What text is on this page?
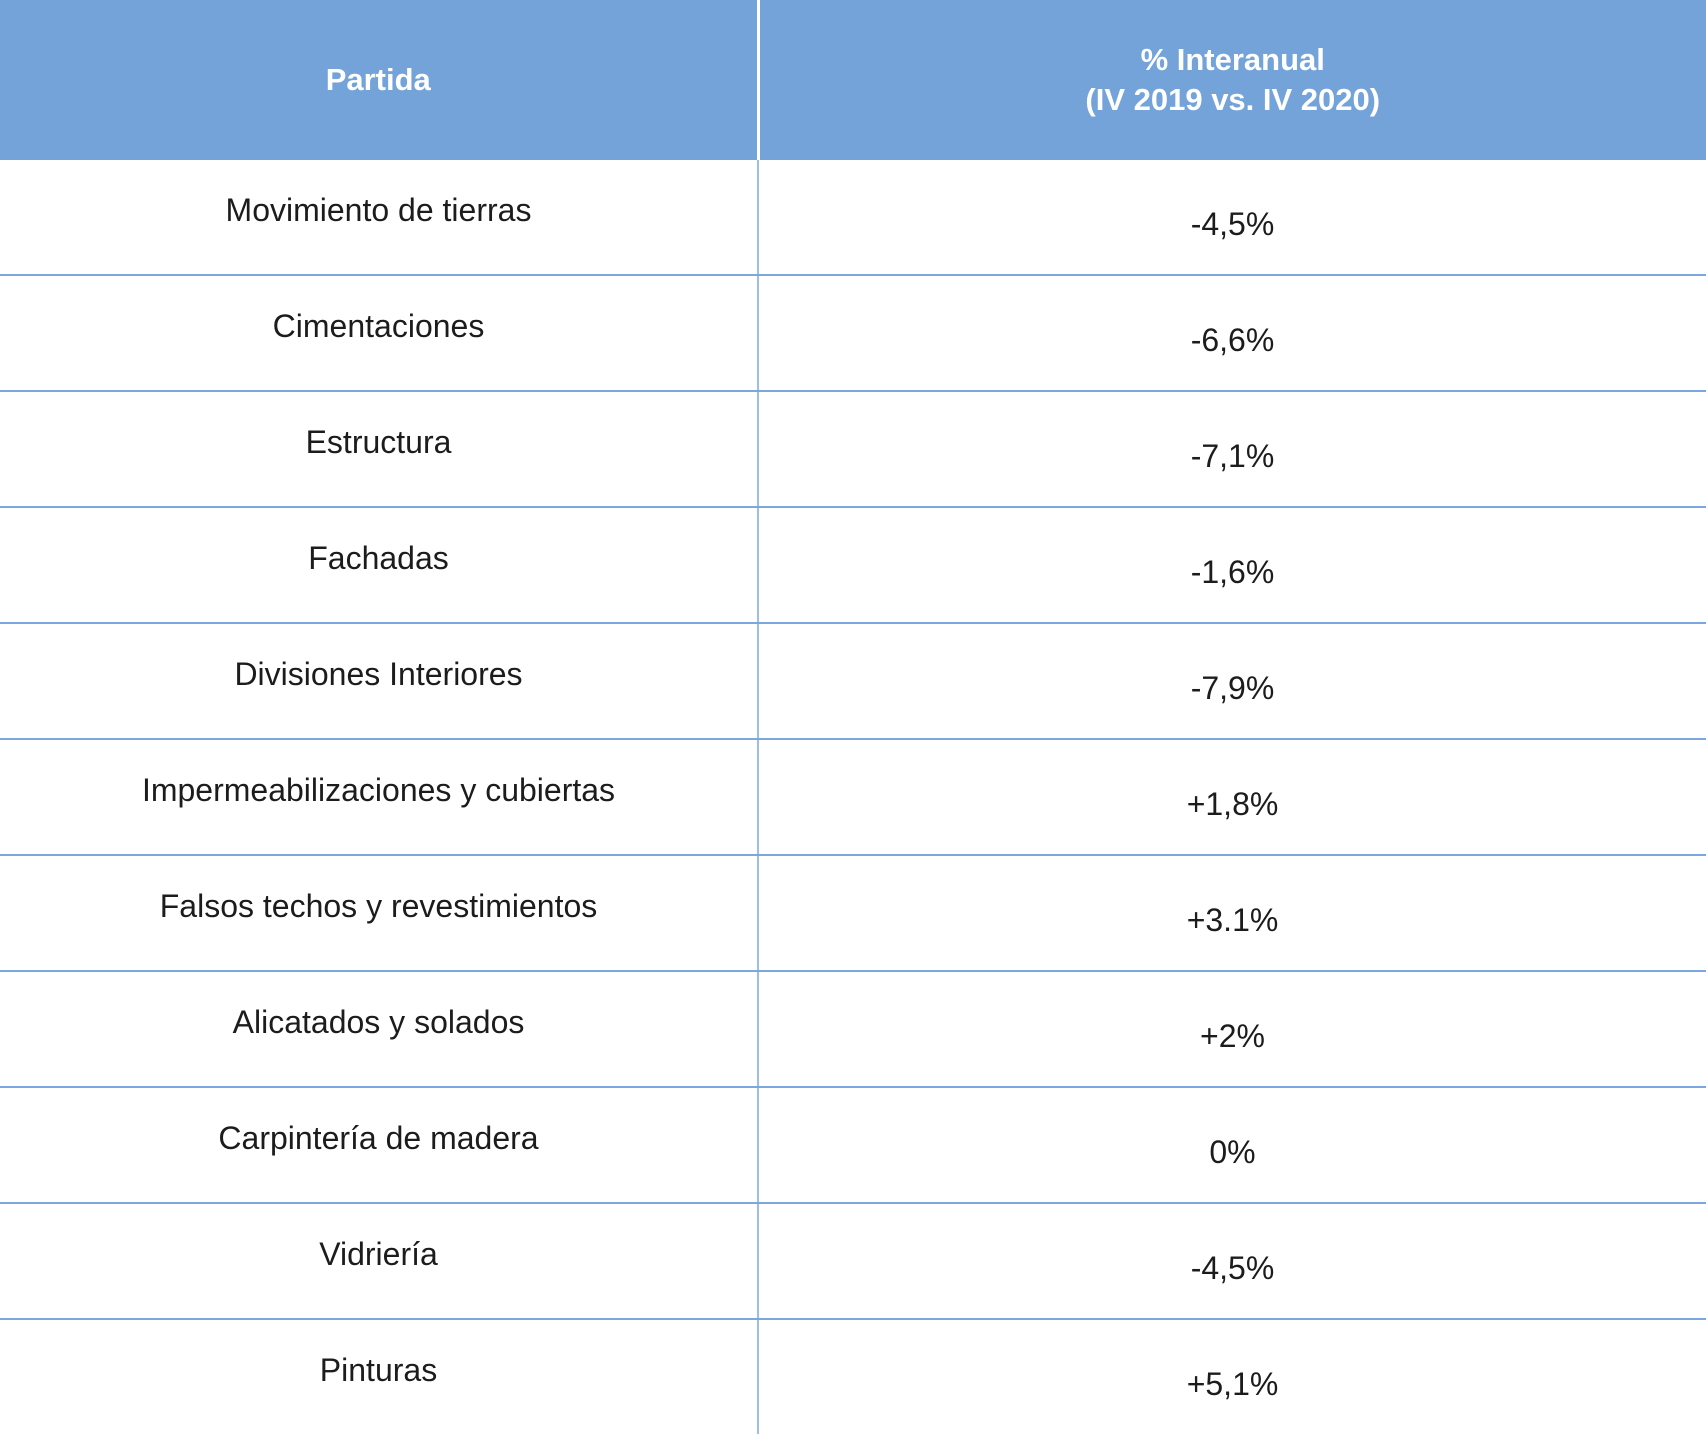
Partida	% Interanual
(IV 2019 vs. IV 2020)

Movimiento de tierras	-4,5%
Cimentaciones	-6,6%
Estructura	-7,1%
Fachadas	-1,6%
Divisiones Interiores	-7,9%
Impermeabilizaciones y cubiertas	+1,8%
Falsos techos y revestimientos	+3.1%
Alicatados y solados	+2%
Carpintería de madera	0%
Vidriería	-4,5%
Pinturas	+5,1%
